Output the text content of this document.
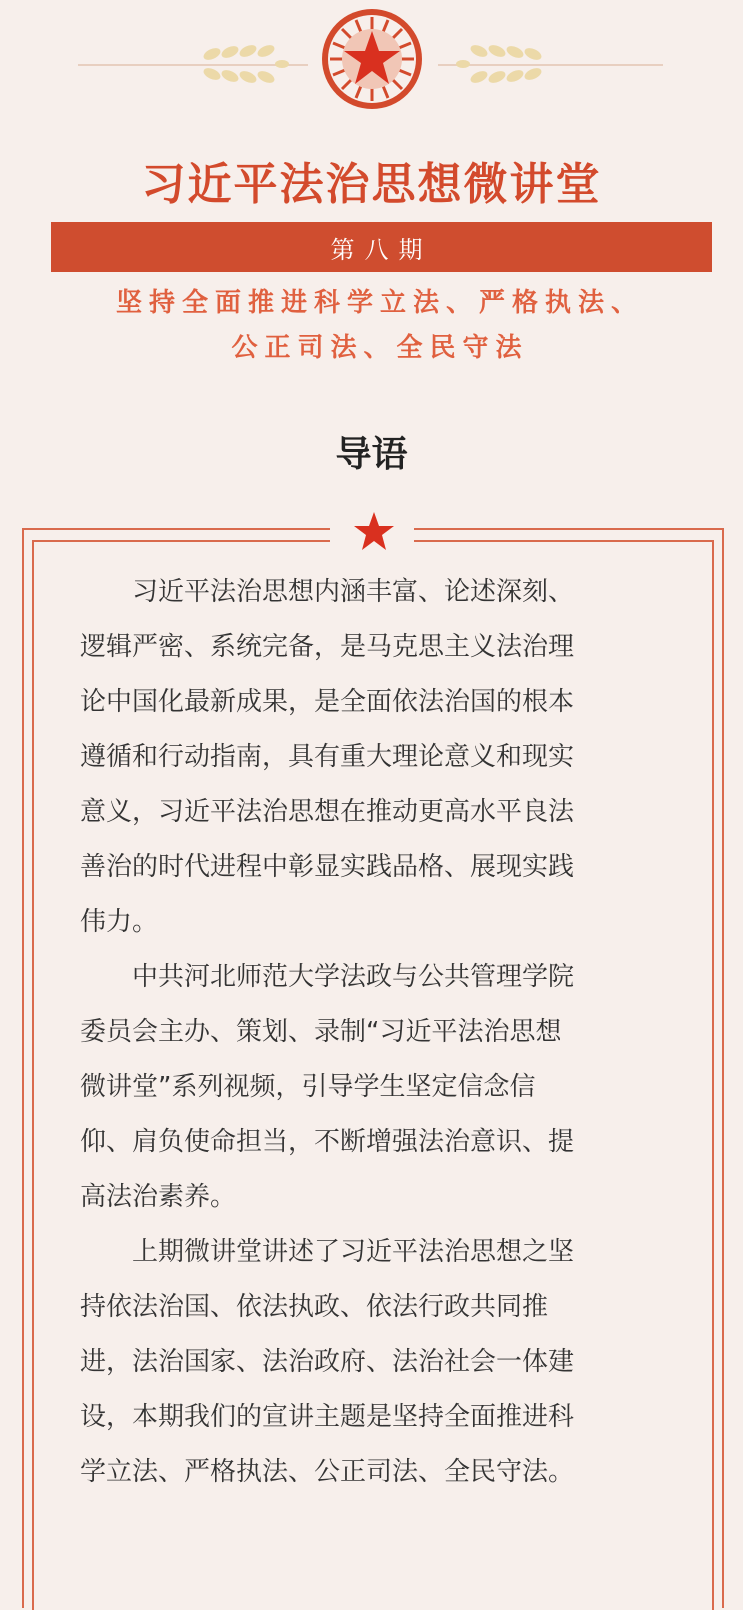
习近平法治思想微讲堂
第八期
坚持全面推进科学立法、严格执法、
公正司法、全民守法
导语
习近平法治思想内涵丰富、论述深刻、
逻辑严密、系统完备，是马克思主义法治理
论中国化最新成果，是全面依法治国的根本
遵循和行动指南，具有重大理论意义和现实
意义，习近平法治思想在推动更高水平良法
善治的时代进程中彰显实践品格、展现实践
伟力。
中共河北师范大学法政与公共管理学院
委员会主办、策划、录制“习近平法治思想
微讲堂”系列视频，引导学生坚定信念信
仰、肩负使命担当，不断增强法治意识、提
高法治素养。
上期微讲堂讲述了习近平法治思想之坚
持依法治国、依法执政、依法行政共同推
进，法治国家、法治政府、法治社会一体建
设，本期我们的宣讲主题是坚持全面推进科
学立法、严格执法、公正司法、全民守法。
